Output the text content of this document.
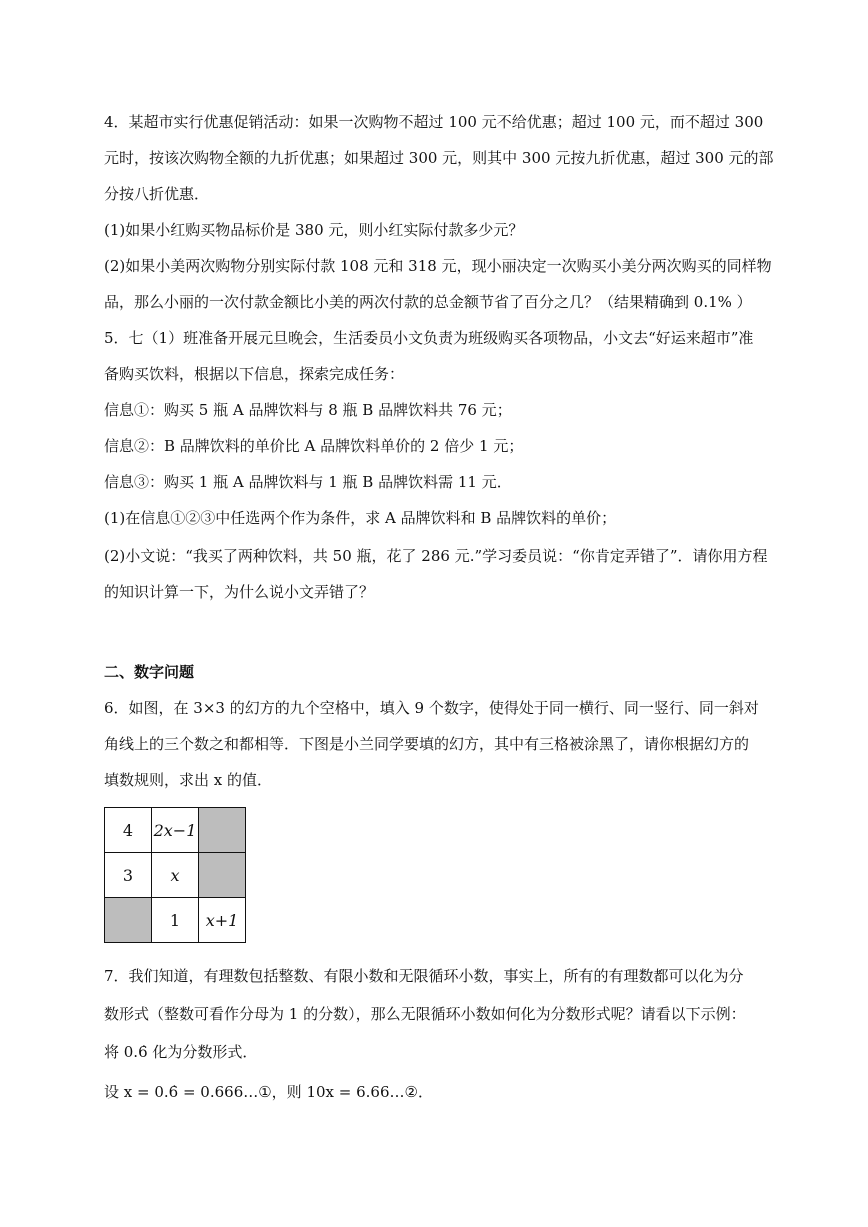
4．某超市实行优惠促销活动：如果一次购物不超过 100 元不给优惠；超过 100 元，而不超过 300
元时，按该次购物全额的九折优惠；如果超过 300 元，则其中 300 元按九折优惠，超过 300 元的部
分按八折优惠．
(1)如果小红购买物品标价是 380 元，则小红实际付款多少元？
(2)如果小美两次购物分别实际付款 108 元和 318 元，现小丽决定一次购买小美分两次购买的同样物
品，那么小丽的一次付款金额比小美的两次付款的总金额节省了百分之几？（结果精确到 0.1% ）
5．七（1）班准备开展元旦晚会，生活委员小文负责为班级购买各项物品，小文去“好运来超市”准
备购买饮料，根据以下信息，探索完成任务：
信息①：购买 5 瓶 A 品牌饮料与 8 瓶 B 品牌饮料共 76 元；
信息②：B 品牌饮料的单价比 A 品牌饮料单价的 2 倍少 1 元；
信息③：购买 1 瓶 A 品牌饮料与 1 瓶 B 品牌饮料需 11 元．
(1)在信息①②③中任选两个作为条件，求 A 品牌饮料和 B 品牌饮料的单价；
(2)小文说：“我买了两种饮料，共 50 瓶，花了 286 元.”学习委员说：“你肯定弄错了”．请你用方程
的知识计算一下，为什么说小文弄错了？
二、数字问题
6．如图，在 3×3 的幻方的九个空格中，填入 9 个数字，使得处于同一横行、同一竖行、同一斜对
角线上的三个数之和都相等．下图是小兰同学要填的幻方，其中有三格被涂黑了，请你根据幻方的
填数规则，求出 x 的值．
4	2x−1	
3	x	
	1	x+1
7．我们知道，有理数包括整数、有限小数和无限循环小数，事实上，所有的有理数都可以化为分
数形式（整数可看作分母为 1 的分数），那么无限循环小数如何化为分数形式呢？请看以下示例：
将 0.6̇ 化为分数形式．
设 x = 0.6̇ = 0.666…①，则 10x = 6.66…②．
